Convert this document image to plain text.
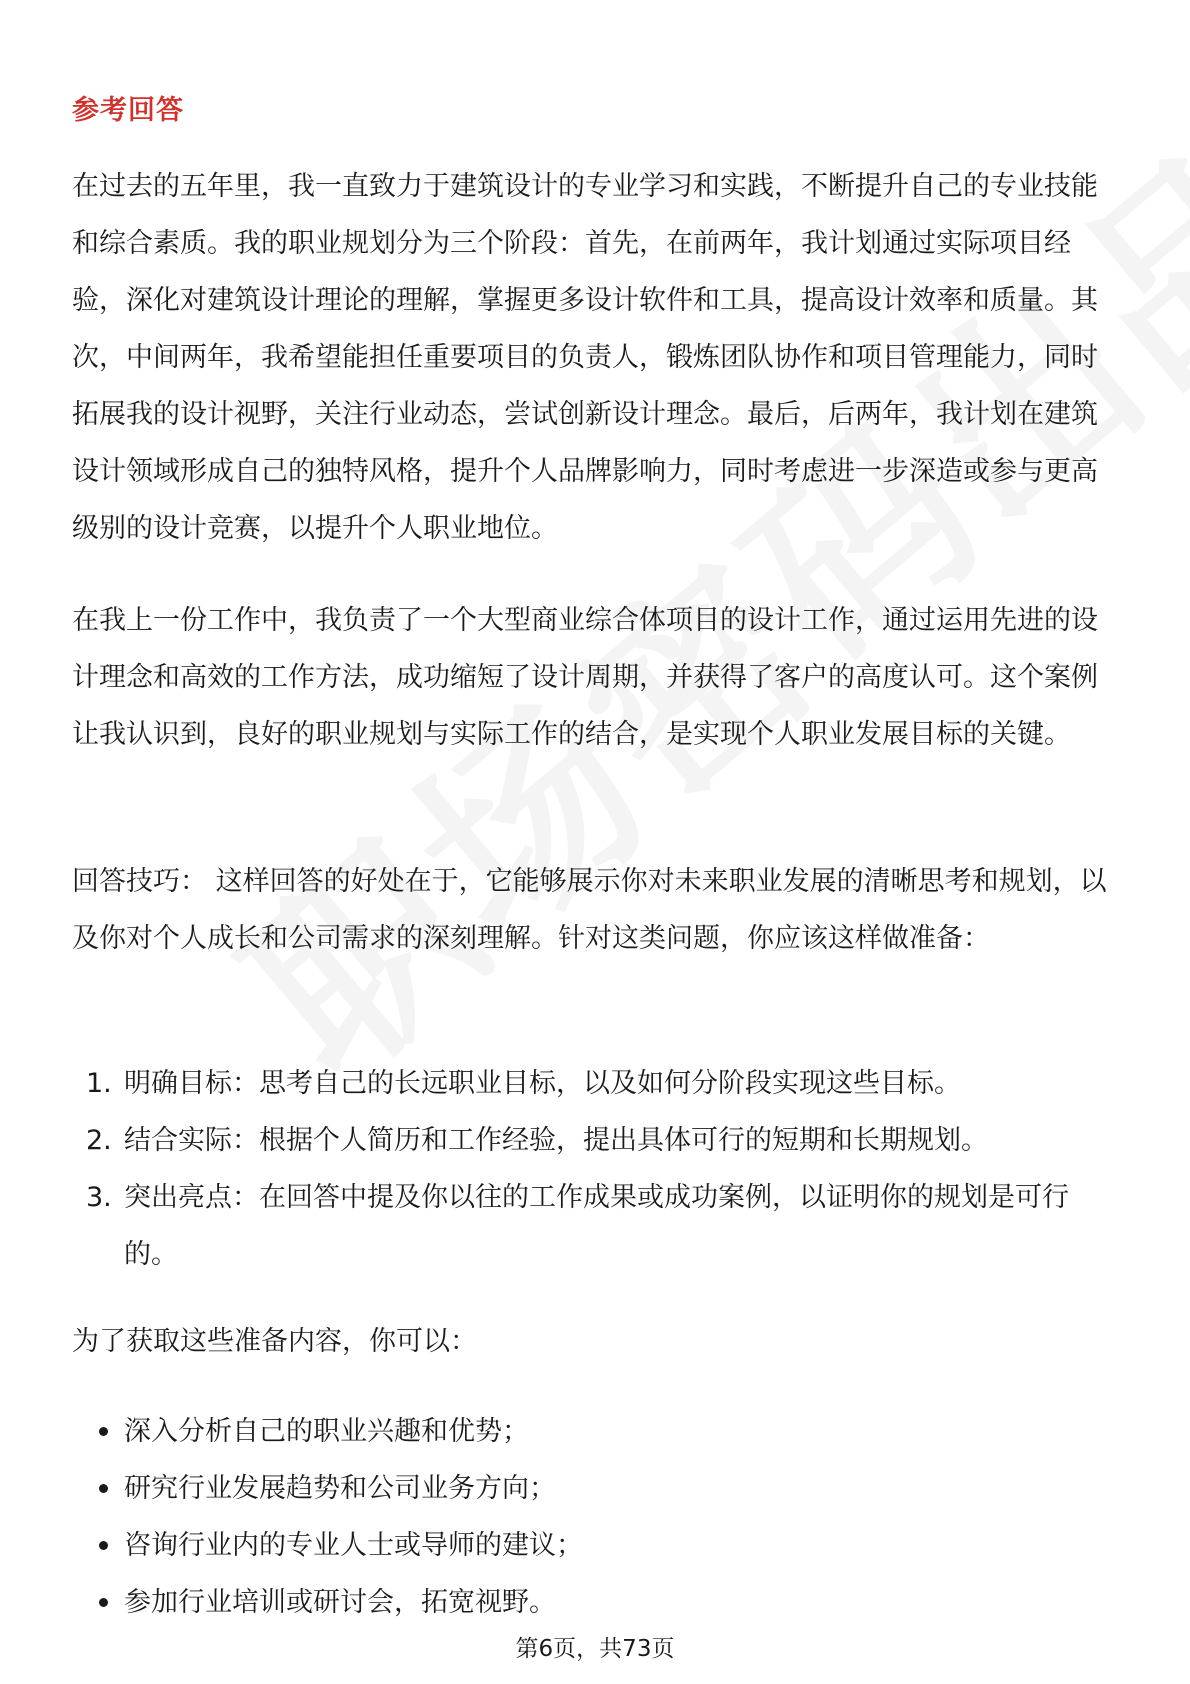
参考回答

在过去的五年里，我一直致力于建筑设计的专业学习和实践，不断提升自己的专业技能和综合素质。我的职业规划分为三个阶段：首先，在前两年，我计划通过实际项目经验，深化对建筑设计理论的理解，掌握更多设计软件和工具，提高设计效率和质量。其次，中间两年，我希望能担任重要项目的负责人，锻炼团队协作和项目管理能力，同时拓展我的设计视野，关注行业动态，尝试创新设计理念。最后，后两年，我计划在建筑设计领域形成自己的独特风格，提升个人品牌影响力，同时考虑进一步深造或参与更高级别的设计竞赛，以提升个人职业地位。

在我上一份工作中，我负责了一个大型商业综合体项目的设计工作，通过运用先进的设计理念和高效的工作方法，成功缩短了设计周期，并获得了客户的高度认可。这个案例让我认识到，良好的职业规划与实际工作的结合，是实现个人职业发展目标的关键。

回答技巧： 这样回答的好处在于，它能够展示你对未来职业发展的清晰思考和规划，以及你对个人成长和公司需求的深刻理解。针对这类问题，你应该这样做准备：

1. 明确目标：思考自己的长远职业目标，以及如何分阶段实现这些目标。
2. 结合实际：根据个人简历和工作经验，提出具体可行的短期和长期规划。
3. 突出亮点：在回答中提及你以往的工作成果或成功案例，以证明你的规划是可行的。

为了获取这些准备内容，你可以：

深入分析自己的职业兴趣和优势；
研究行业发展趋势和公司业务方向；
咨询行业内的专业人士或导师的建议；
参加行业培训或研讨会，拓宽视野。
第6页，共73页
